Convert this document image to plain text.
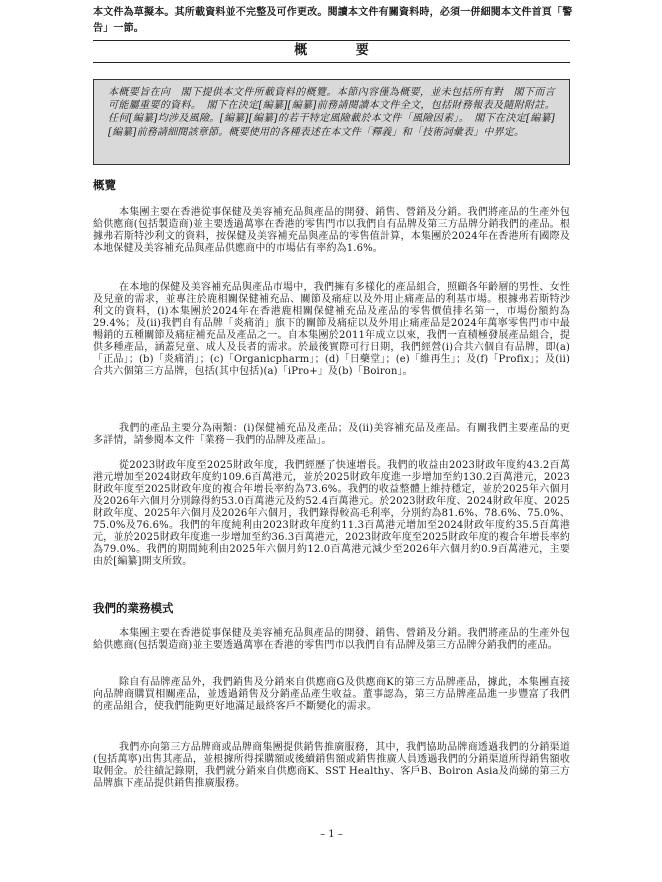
本文件為草擬本。其所載資料並不完整及可作更改。閱讀本文件有關資料時，必須一併細閱本文件首頁「警告」一節。
概 要
本概要旨在向　閣下提供本文件所載資料的概覽。本節內容僅為概要，並未包括所有對　閣下而言可能屬重要的資料。　閣下在決定[編纂][編纂]前務請閱讀本文件全文，包括財務報表及隨附附註。任何[編纂]均涉及風險。[編纂][編纂]的若干特定風險載於本文件「風險因素」。　閣下在決定[編纂][編纂]前務請細閱該章節。概要使用的各種表述在本文件「釋義」和「技術詞彙表」中界定。
概覽
本集團主要在香港從事保健及美容補充品與產品的開發、銷售、營銷及分銷。我們將產品的生產外包給供應商(包括製造商)並主要透過萬寧在香港的零售門市以我們自有品牌及第三方品牌分銷我們的產品。根據弗若斯特沙利文的資料，按保健及美容補充品與產品的零售值計算，本集團於2024年在香港所有國際及本地保健及美容補充品與產品供應商中的市場佔有率約為1.6%。
在本地的保健及美容補充品與產品市場中，我們擁有多樣化的產品組合，照顧各年齡層的男性、女性及兒童的需求，並專注於鹿相關保健補充品、關節及痛症以及外用止痛產品的利基市場。根據弗若斯特沙利文的資料，(i)本集團於2024年在香港鹿相關保健補充品及產品的零售價值排名第一，市場份額約為29.4%；及(ii)我們自有品牌「炎痛消」旗下的關節及痛症以及外用止痛產品是2024年萬寧零售門市中最暢銷的五種關節及痛症補充品及產品之一。自本集團於2011年成立以來，我們一直積極發展產品組合，提供多種產品，涵蓋兒童、成人及長者的需求。於最後實際可行日期，我們經營(i)合共六個自有品牌，即(a)「正品」；(b)「炎痛消」；(c)「Organicpharm」；(d)「日藥堂」；(e)「維再生」；及(f)「Profix」；及(ii)合共六個第三方品牌，包括(其中包括)(a)「iPro+」及(b)「Boiron」。
我們的產品主要分為兩類：(i)保健補充品及產品；及(ii)美容補充品及產品。有關我們主要產品的更多詳情，請參閱本文件「業務－我們的品牌及產品」。
從2023財政年度至2025財政年度，我們經歷了快速增長。我們的收益由2023財政年度約43.2百萬港元增加至2024財政年度約109.6百萬港元，並於2025財政年度進一步增加至約130.2百萬港元，2023財政年度至2025財政年度的複合年增長率約為73.6%。我們的收益整體上維持穩定，並於2025年六個月及2026年六個月分別錄得約53.0百萬港元及約52.4百萬港元。於2023財政年度、2024財政年度、2025財政年度、2025年六個月及2026年六個月，我們錄得較高毛利率，分別約為81.6%、78.6%、75.0%、75.0%及76.6%。我們的年度純利由2023財政年度約11.3百萬港元增加至2024財政年度約35.5百萬港元，並於2025財政年度進一步增加至約36.3百萬港元，2023財政年度至2025財政年度的複合年增長率約為79.0%。我們的期間純利由2025年六個月約12.0百萬港元減少至2026年六個月約0.9百萬港元，主要由於[編纂]開支所致。
我們的業務模式
本集團主要在香港從事保健及美容補充品與產品的開發、銷售、營銷及分銷。我們將產品的生產外包給供應商(包括製造商)並主要透過萬寧在香港的零售門市以我們自有品牌及第三方品牌分銷我們的產品。
除自有品牌產品外，我們銷售及分銷來自供應商G及供應商K的第三方品牌產品，據此，本集團直接向品牌商購買相關產品，並透過銷售及分銷產品產生收益。董事認為，第三方品牌產品進一步豐富了我們的產品組合，使我們能夠更好地滿足最終客戶不斷變化的需求。
我們亦向第三方品牌商或品牌商集團提供銷售推廣服務，其中，我們協助品牌商透過我們的分銷渠道(包括萬寧)出售其產品，並根據所得採購額或後續銷售額或銷售推廣人員透過我們的分銷渠道所得銷售額收取佣金。於往績記錄期，我們就分銷來自供應商K、SST Healthy、客戶B、Boiron Asia及尚綈的第三方品牌旗下產品提供銷售推廣服務。
– 1 –
